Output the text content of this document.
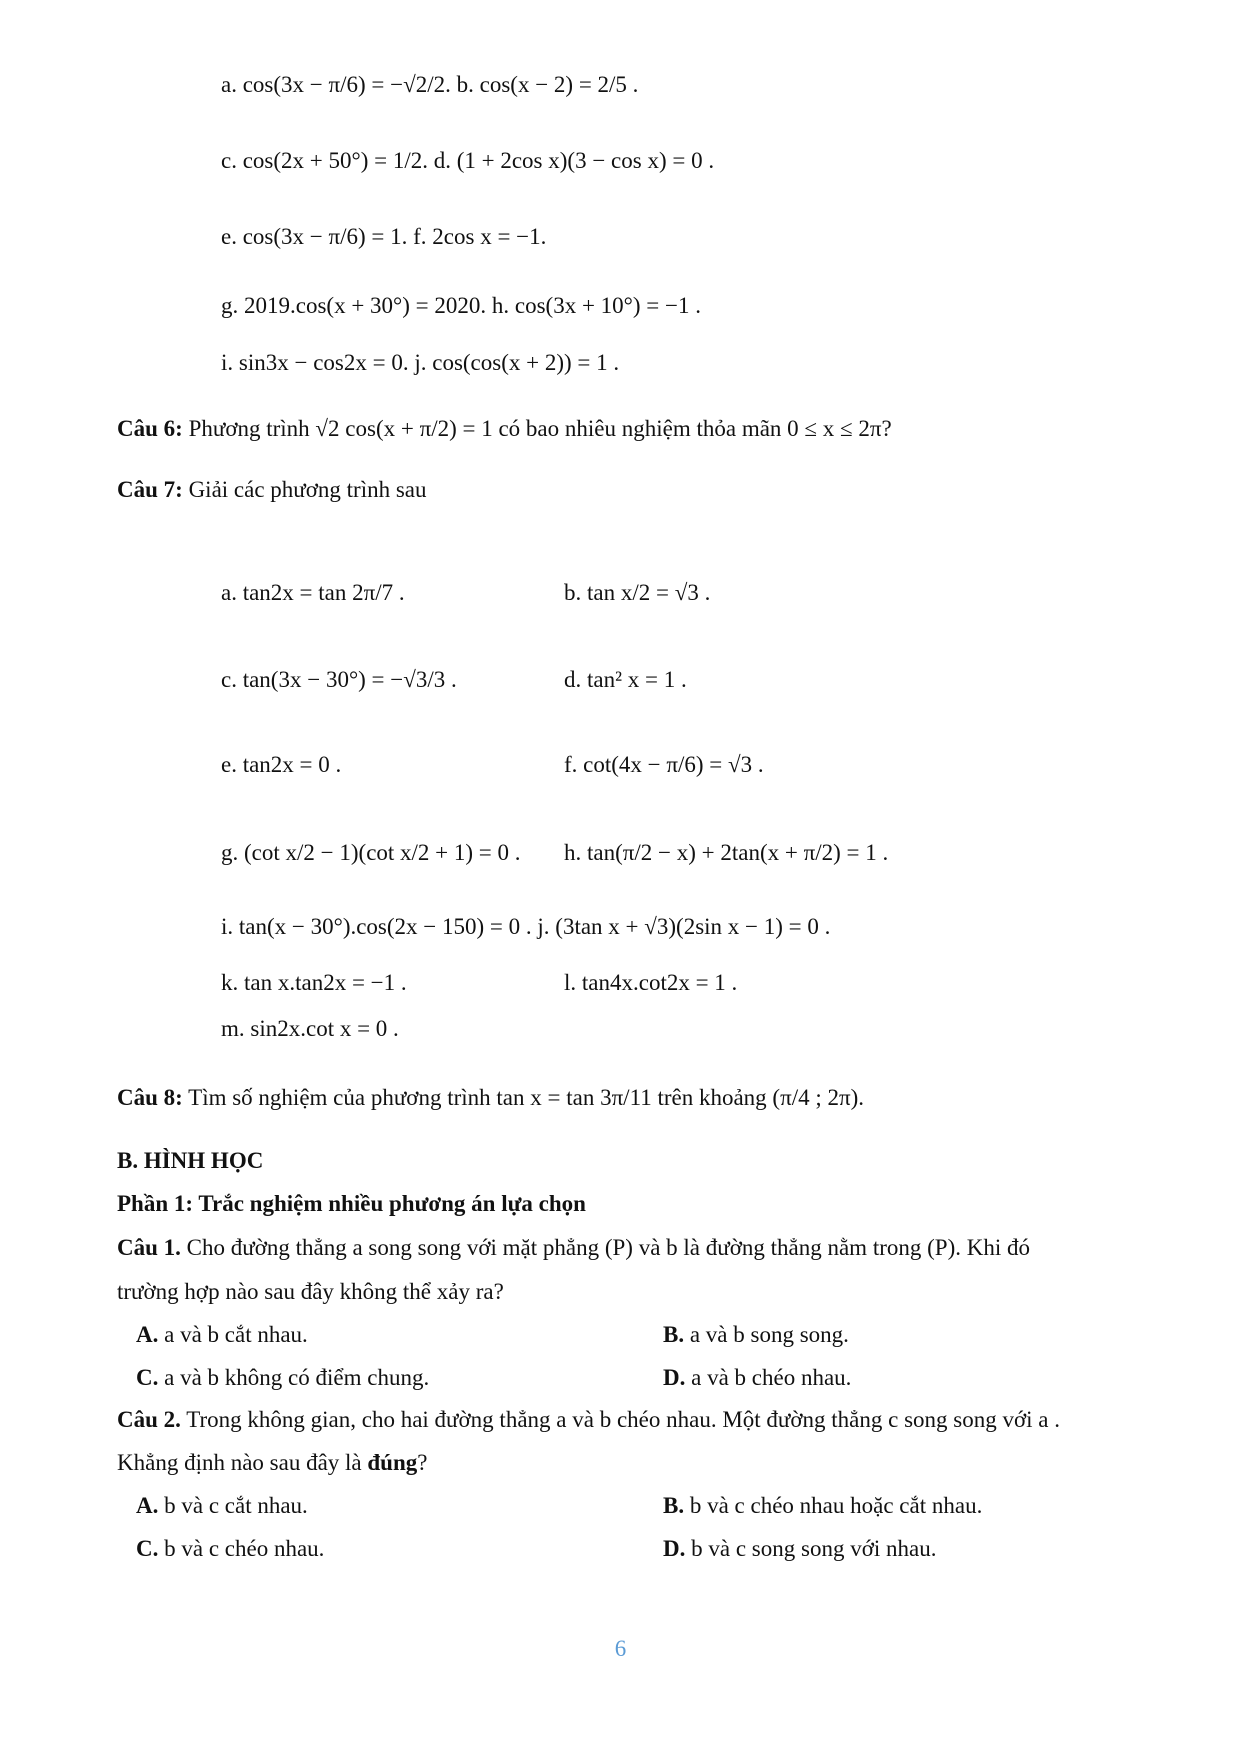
a. cos(3x − π/6) = −√2/2. b. cos(x − 2) = 2/5 .
c. cos(2x + 50°) = 1/2. d. (1 + 2cos x)(3 − cos x) = 0 .
e. cos(3x − π/6) = 1. f. 2cos x = −1.
g. 2019.cos(x + 30°) = 2020. h. cos(3x + 10°) = −1 .
i. sin3x − cos2x = 0. j. cos(cos(x + 2)) = 1 .
Câu 6: Phương trình √2 cos(x + π/2) = 1 có bao nhiêu nghiệm thỏa mãn 0 ≤ x ≤ 2π?
Câu 7: Giải các phương trình sau
a. tan2x = tan 2π/7 .	b. tan x/2 = √3 .
c. tan(3x − 30°) = −√3/3 .	d. tan² x = 1 .
e. tan2x = 0 .	f. cot(4x − π/6) = √3 .
g. (cot x/2 − 1)(cot x/2 + 1) = 0 . h. tan(π/2 − x) + 2tan(x + π/2) = 1 .
i. tan(x − 30°).cos(2x − 150) = 0 . j. (3tan x + √3)(2sin x − 1) = 0 .
k. tan x.tan2x = −1 .	l. tan4x.cot2x = 1 .
m. sin2x.cot x = 0 .
Câu 8: Tìm số nghiệm của phương trình tan x = tan 3π/11 trên khoảng (π/4 ; 2π).
B. HÌNH HỌC
Phần 1: Trắc nghiệm nhiều phương án lựa chọn
Câu 1. Cho đường thẳng a song song với mặt phẳng (P) và b là đường thẳng nằm trong (P). Khi đó
trường hợp nào sau đây không thể xảy ra?
A. a và b cắt nhau.	B. a và b song song.
C. a và b không có điểm chung.	D. a và b chéo nhau.
Câu 2. Trong không gian, cho hai đường thẳng a và b chéo nhau. Một đường thẳng c song song với a .
Khẳng định nào sau đây là đúng?
A. b và c cắt nhau.	B. b và c chéo nhau hoặc cắt nhau.
C. b và c chéo nhau.	D. b và c song song với nhau.
6
